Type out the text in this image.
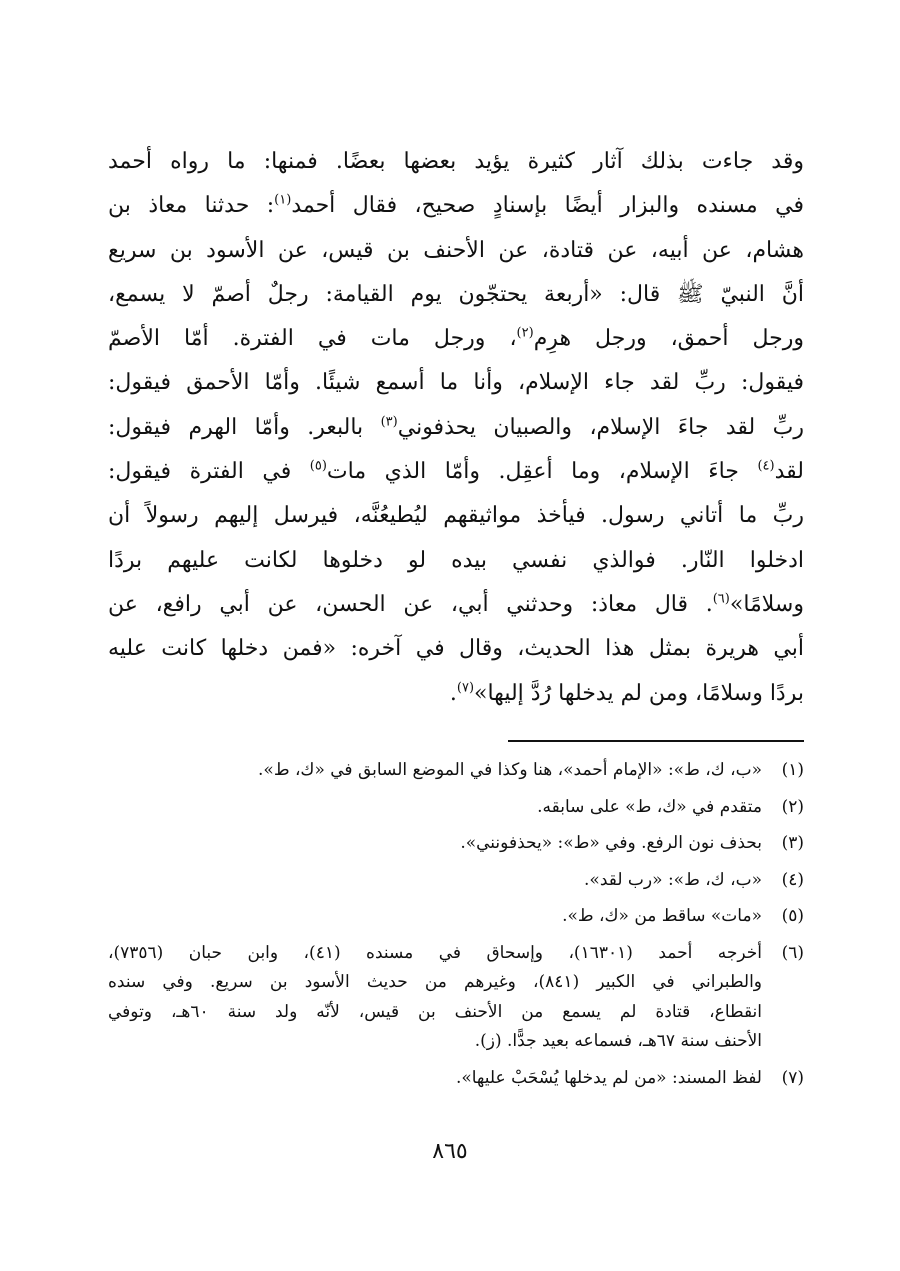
وقد جاءت بذلك آثار كثيرة يؤيد بعضها بعضًا. فمنها: ما رواه أحمد
في مسنده والبزار أيضًا بإسنادٍ صحيح، فقال أحمد$^{(١)}$: حدثنا معاذ بن
هشام، عن أبيه، عن قتادة، عن الأحنف بن قيس، عن الأسود بن سريع
أنَّ النبيّ ﷺ قال: «أربعة يحتجّون يوم القيامة: رجلٌ أصمّ لا يسمع،
ورجل أحمق، ورجل هرِم$^{(٢)}$، ورجل مات في الفترة. أمّا الأصمّ
فيقول: ربِّ لقد جاء الإسلام، وأنا ما أسمع شيئًا. وأمّا الأحمق فيقول:
ربِّ لقد جاءَ الإسلام، والصبيان يحذفوني$^{(٣)}$ بالبعر. وأمّا الهرم فيقول:
لقد$^{(٤)}$ جاءَ الإسلام، وما أعقِل. وأمّا الذي مات$^{(٥)}$ في الفترة فيقول:
ربِّ ما أتاني رسول. فيأخذ مواثيقهم ليُطيعُنَّه، فيرسل إليهم رسولاً أن
ادخلوا النّار. فوالذي نفسي بيده لو دخلوها لكانت عليهم بردًا
وسلامًا»$^{(٦)}$. قال معاذ: وحدثني أبي، عن الحسن، عن أبي رافع، عن
أبي هريرة بمثل هذا الحديث، وقال في آخره: «فمن دخلها كانت عليه
بردًا وسلامًا، ومن لم يدخلها رُدَّ إليها»$^{(٧)}$.
(١)
«ب، ك، ط»: «الإمام أحمد»، هنا وكذا في الموضع السابق في «ك، ط».
(٢)
متقدم في «ك، ط» على سابقه.
(٣)
بحذف نون الرفع. وفي «ط»: «يحذفونني».
(٤)
«ب، ك، ط»: «رب لقد».
(٥)
«مات» ساقط من «ك، ط».
(٦)
أخرجه أحمد (١٦٣٠١)، وإسحاق في مسنده (٤١)، وابن حبان (٧٣٥٦)،
والطبراني في الكبير (٨٤١)، وغيرهم من حديث الأسود بن سريع. وفي سنده
انقطاع، قتادة لم يسمع من الأحنف بن قيس، لأنّه ولد سنة ٦٠هـ، وتوفي
الأحنف سنة ٦٧هـ، فسماعه بعيد جدًّا. (ز).
(٧)
لفظ المسند: «من لم يدخلها يُسْحَبْ عليها».
٨٦٥
